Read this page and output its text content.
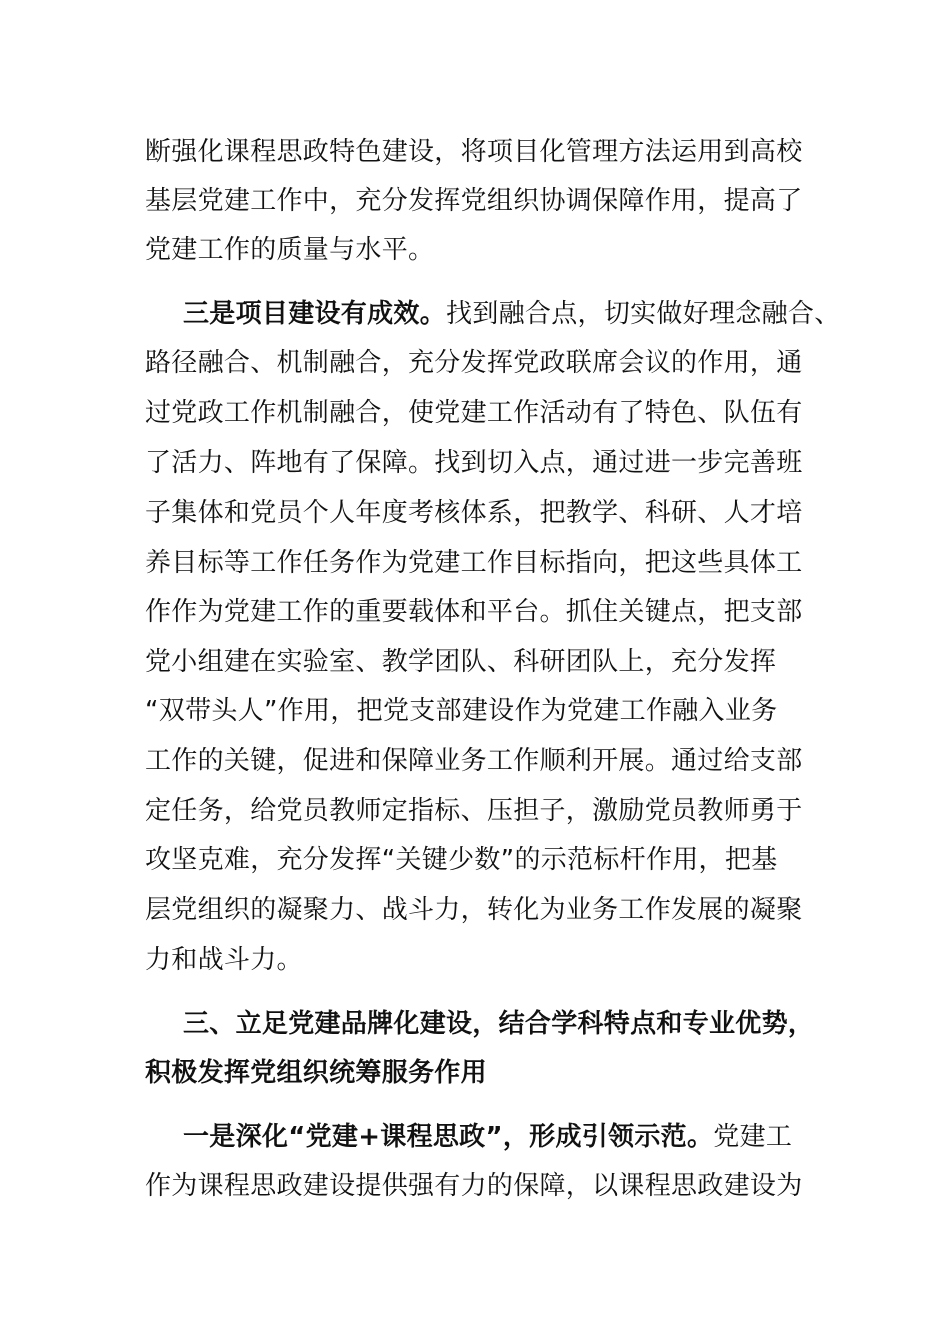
断强化课程思政特色建设，将项目化管理方法运用到高校
基层党建工作中，充分发挥党组织协调保障作用，提高了
党建工作的质量与水平。
三是项目建设有成效。找到融合点，切实做好理念融合、
路径融合、机制融合，充分发挥党政联席会议的作用，通
过党政工作机制融合，使党建工作活动有了特色、队伍有
了活力、阵地有了保障。找到切入点，通过进一步完善班
子集体和党员个人年度考核体系，把教学、科研、人才培
养目标等工作任务作为党建工作目标指向，把这些具体工
作作为党建工作的重要载体和平台。抓住关键点，把支部
党小组建在实验室、教学团队、科研团队上，充分发挥
“双带头人”作用，把党支部建设作为党建工作融入业务
工作的关键，促进和保障业务工作顺利开展。通过给支部
定任务，给党员教师定指标、压担子，激励党员教师勇于
攻坚克难，充分发挥“关键少数”的示范标杆作用，把基
层党组织的凝聚力、战斗力，转化为业务工作发展的凝聚
力和战斗力。
三、立足党建品牌化建设，结合学科特点和专业优势，
积极发挥党组织统筹服务作用
一是深化“党建+课程思政”，形成引领示范。党建工
作为课程思政建设提供强有力的保障，以课程思政建设为
